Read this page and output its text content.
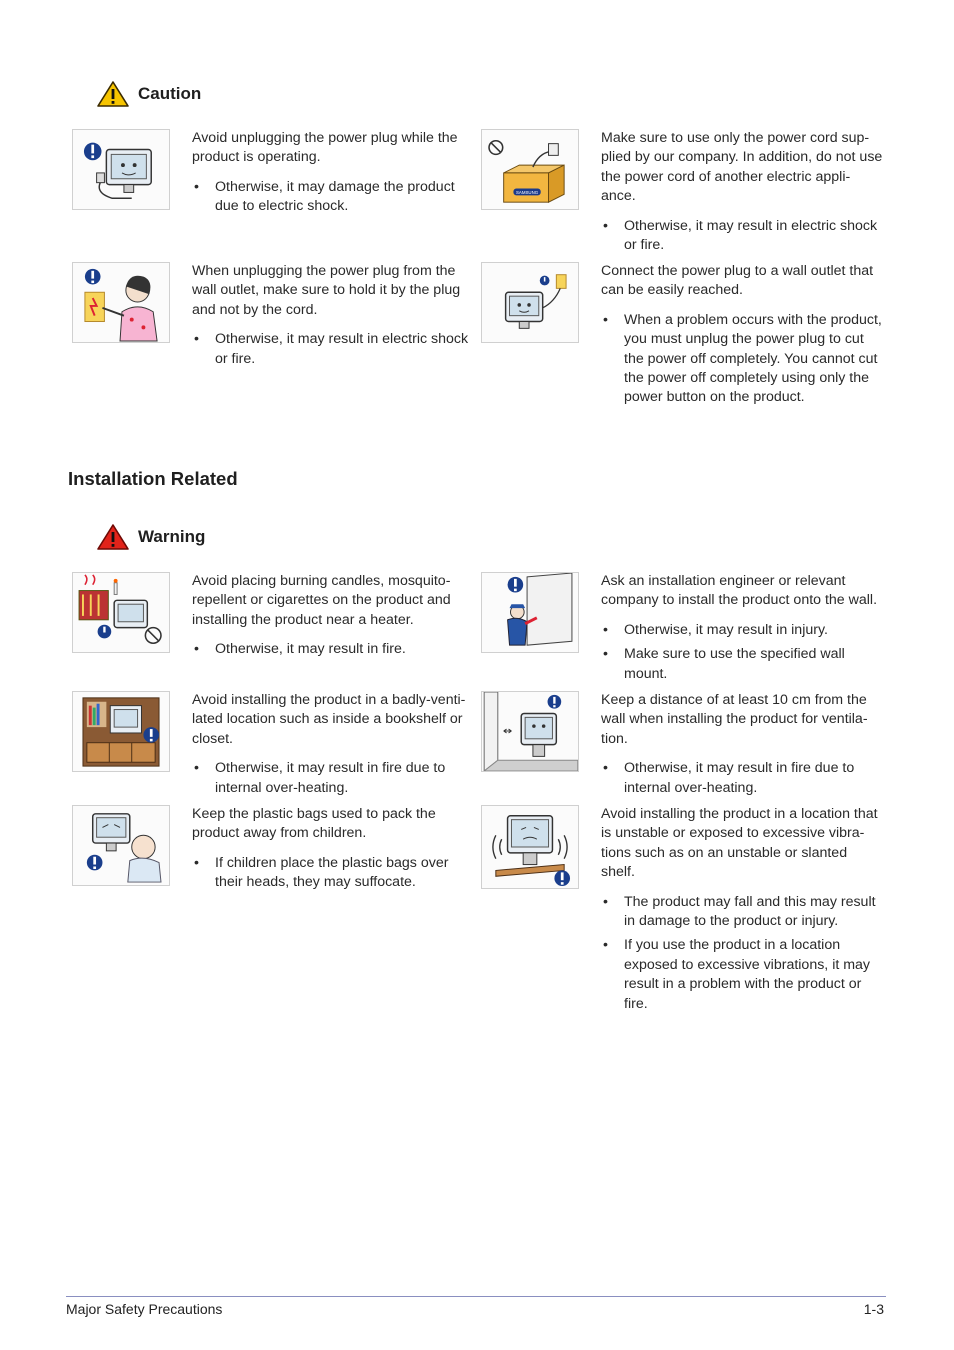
Caution

Avoid unplugging the power plug while the product is operating.

• Otherwise, it may damage the product due to electric shock.
SAMSUNG

Make sure to use only the power cord sup-plied by our company. In addition, do not use the power cord of another electric appli-ance.

• Otherwise, it may result in electric shock or fire.

When unplugging the power plug from the wall outlet, make sure to hold it by the plug and not by the cord.

• Otherwise, it may result in electric shock or fire.

Connect the power plug to a wall outlet that can be easily reached.

• When a problem occurs with the product, you must unplug the power plug to cut the power off completely. You cannot cut the power off completely using only the power button on the product.
Installation Related
Warning

Avoid placing burning candles, mosquito-repellent or cigarettes on the product and installing the product near a heater.

• Otherwise, it may result in fire.

Ask an installation engineer or relevant company to install the product onto the wall.

• Otherwise, it may result in injury.
• Make sure to use the specified wall mount.

Avoid installing the product in a badly-venti-lated location such as inside a bookshelf or closet.

• Otherwise, it may result in fire due to internal over-heating.

Keep a distance of at least 10 cm from the wall when installing the product for ventila-tion.

• Otherwise, it may result in fire due to internal over-heating.

Keep the plastic bags used to pack the product away from children.

• If children place the plastic bags over their heads, they may suffocate.

Avoid installing the product in a location that is unstable or exposed to excessive vibra-tions such as on an unstable or slanted shelf.

• The product may fall and this may result in damage to the product or injury.
• If you use the product in a location exposed to excessive vibrations, it may result in a problem with the product or fire.
Major Safety Precautions	1-3
